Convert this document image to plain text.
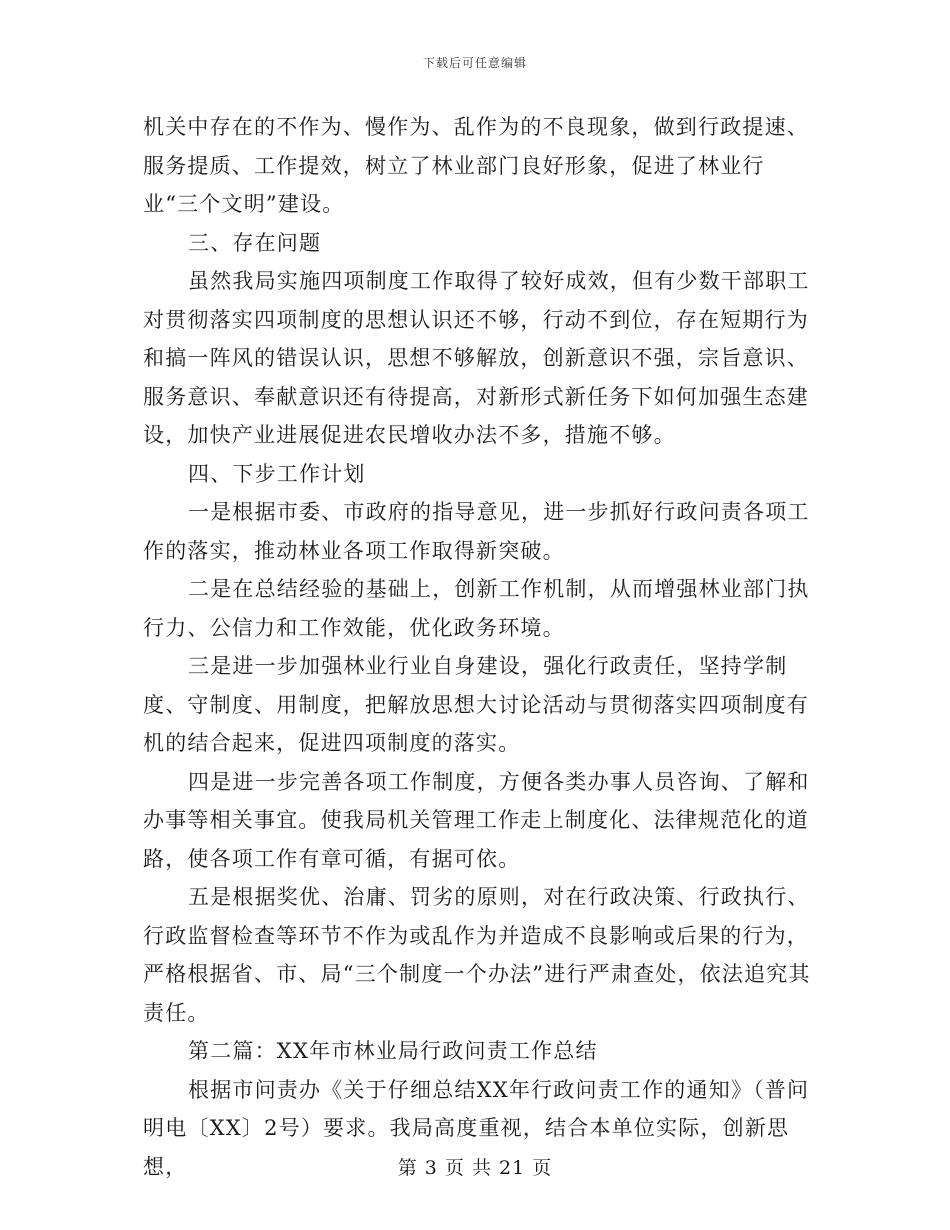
下载后可任意编辑

机关中存在的不作为、慢作为、乱作为的不良现象，做到行政提速、服务提质、工作提效，树立了林业部门良好形象，促进了林业行业“三个文明”建设。

三、存在问题

虽然我局实施四项制度工作取得了较好成效，但有少数干部职工对贯彻落实四项制度的思想认识还不够，行动不到位，存在短期行为和搞一阵风的错误认识，思想不够解放，创新意识不强，宗旨意识、服务意识、奉献意识还有待提高，对新形式新任务下如何加强生态建设，加快产业进展促进农民增收办法不多，措施不够。

四、下步工作计划

一是根据市委、市政府的指导意见，进一步抓好行政问责各项工作的落实，推动林业各项工作取得新突破。

二是在总结经验的基础上，创新工作机制，从而增强林业部门执行力、公信力和工作效能，优化政务环境。

三是进一步加强林业行业自身建设，强化行政责任，坚持学制度、守制度、用制度，把解放思想大讨论活动与贯彻落实四项制度有机的结合起来，促进四项制度的落实。

四是进一步完善各项工作制度，方便各类办事人员咨询、了解和办事等相关事宜。使我局机关管理工作走上制度化、法律规范化的道路，使各项工作有章可循，有据可依。

五是根据奖优、治庸、罚劣的原则，对在行政决策、行政执行、行政监督检查等环节不作为或乱作为并造成不良影响或后果的行为，严格根据省、市、局“三个制度一个办法”进行严肃查处，依法追究其责任。

第二篇：XX年市林业局行政问责工作总结

根据市问责办《关于仔细总结XX年行政问责工作的通知》（普问明电〔XX〕2号）要求。我局高度重视，结合本单位实际，创新思想，	第 3 页 共 21 页
